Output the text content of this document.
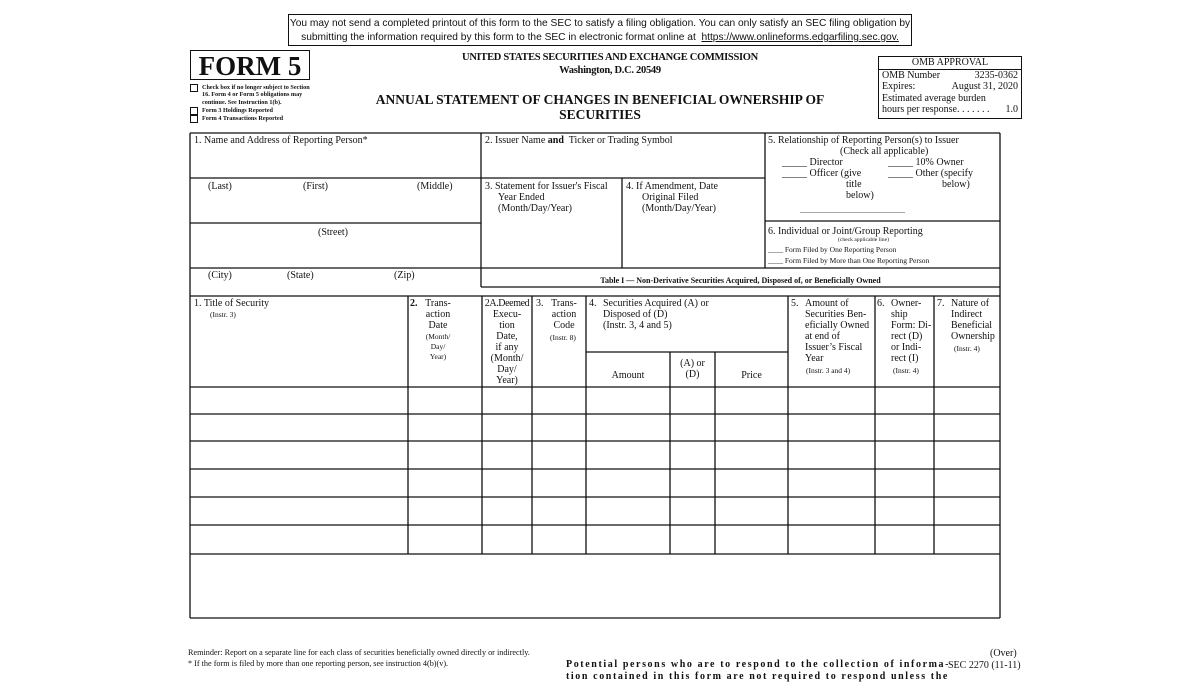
You may not send a completed printout of this form to the SEC to satisfy a filing obligation. You can only satisfy an SEC filing obligation by
submitting the information required by this form to the SEC in electronic format online at https://www.onlineforms.edgarfiling.sec.gov.
FORM 5
Check box if no longer subject to Section 16. Form 4 or Form 5 obligations may continue. See Instruction 1(b).
Form 3 Holdings Reported
Form 4 Transactions Reported
UNITED STATES SECURITIES AND EXCHANGE COMMISSION
Washington, D.C. 20549
ANNUAL STATEMENT OF CHANGES IN BENEFICIAL OWNERSHIP OF
SECURITIES
OMB APPROVAL
OMB Number	3235-0362
Expires:	August 31, 2020
Estimated average burden
hours per response. . . . . . . 1.0
1. Name and Address of Reporting Person*
(Last)	(First)	(Middle)
(Street)
(City)	(State)	(Zip)
2. Issuer Name and Ticker or Trading Symbol
3. Statement for Issuer's Fiscal
Year Ended
(Month/Day/Year)
4. If Amendment, Date
Original Filed
(Month/Day/Year)
5. Relationship of Reporting Person(s) to Issuer
(Check all applicable)
_____ Director	_____ 10% Owner
_____ Officer (give
title
below)
_____ Other (specify
below)
______________________________
6. Individual or Joint/Group Reporting
(check applicable line)
____ Form Filed by One Reporting Person
____ Form Filed by More than One Reporting Person
Table I — Non-Derivative Securities Acquired, Disposed of, or Beneficially Owned
1. Title of Security
(Instr. 3)
2. Trans-
action
Date
(Month/
Day/
Year)
2A.Deemed
Execu-
tion
Date,
if any
(Month/
Day/
Year)
3. Trans-
action
Code
(Instr. 8)
4. Securities Acquired (A) or
Disposed of (D)
(Instr. 3, 4 and 5)
Amount
(A) or
(D)	Price
5. Amount of
Securities Ben-
eficially Owned
at end of
Issuer’s Fiscal
Year
(Instr. 3 and 4)
6. Owner-
ship
Form: Di-
rect (D)
or Indi-
rect (I)
(Instr. 4)
7. Nature of
Indirect
Beneficial
Ownership
(Instr. 4)
Reminder: Report on a separate line for each class of securities beneficially owned directly or indirectly.
* If the form is filed by more than one reporting person, see instruction 4(b)(v).	Potential persons who are to respond to the collection of informa-
tion contained in this form are not required to respond unless the
(Over)
SEC 2270 (11-11)
